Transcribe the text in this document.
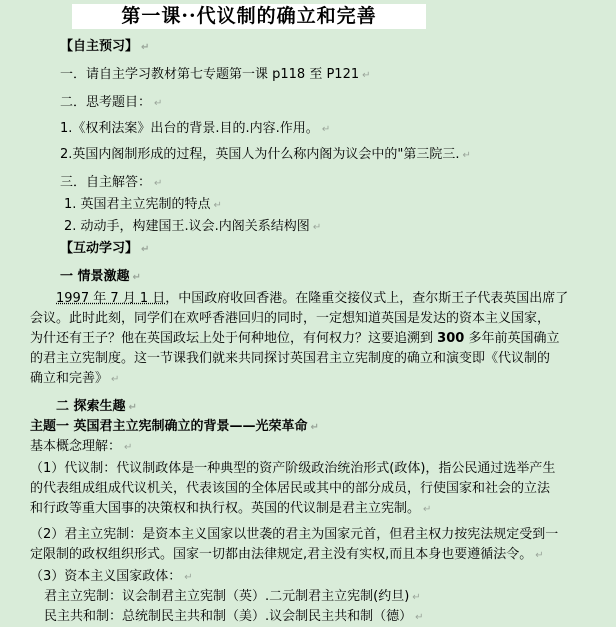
第一课··代议制的确立和完善
【自主预习】 ↵
一．请自主学习教材第七专题第一课 p118 至 P121 ↵
二．思考题目： ↵
1.《权利法案》出台的背景.目的.内容.作用。 ↵
2.英国内阁制形成的过程，英国人为什么称内阁为议会中的"第三院三. ↵
三．自主解答： ↵
1. 英国君主立宪制的特点 ↵
2. 动动手，构建国王.议会.内阁关系结构图 ↵
【互动学习】 ↵
一 情景激趣 ↵
1997 年 7 月 1 日，中国政府收回香港。在隆重交接仪式上，查尔斯王子代表英国出席了
会议。此时此刻，同学们在欢呼香港回归的同时，一定想知道英国是发达的资本主义国家，
为什还有王子？他在英国政坛上处于何种地位，有何权力？这要追溯到 300 多年前英国确立
的君主立宪制度。这一节课我们就来共同探讨英国君主立宪制度的确立和演变即《代议制的
确立和完善》 ↵
二 探索生趣 ↵
主题一 英国君主立宪制确立的背景——光荣革命 ↵
基本概念理解： ↵
（1）代议制：代议制政体是一种典型的资产阶级政治统治形式(政体)，指公民通过选举产生
的代表组成组成代议机关，代表该国的全体居民或其中的部分成员，行使国家和社会的立法
和行政等重大国事的决策权和执行权。英国的代议制是君主立宪制。 ↵
（2）君主立宪制：是资本主义国家以世袭的君主为国家元首，但君主权力按宪法规定受到一
定限制的政权组织形式。国家一切都由法律规定,君主没有实权,而且本身也要遵循法令。 ↵
（3）资本主义国家政体： ↵
君主立宪制：议会制君主立宪制（英）.二元制君主立宪制(约旦) ↵
民主共和制：总统制民主共和制（美）.议会制民主共和制（德） ↵
